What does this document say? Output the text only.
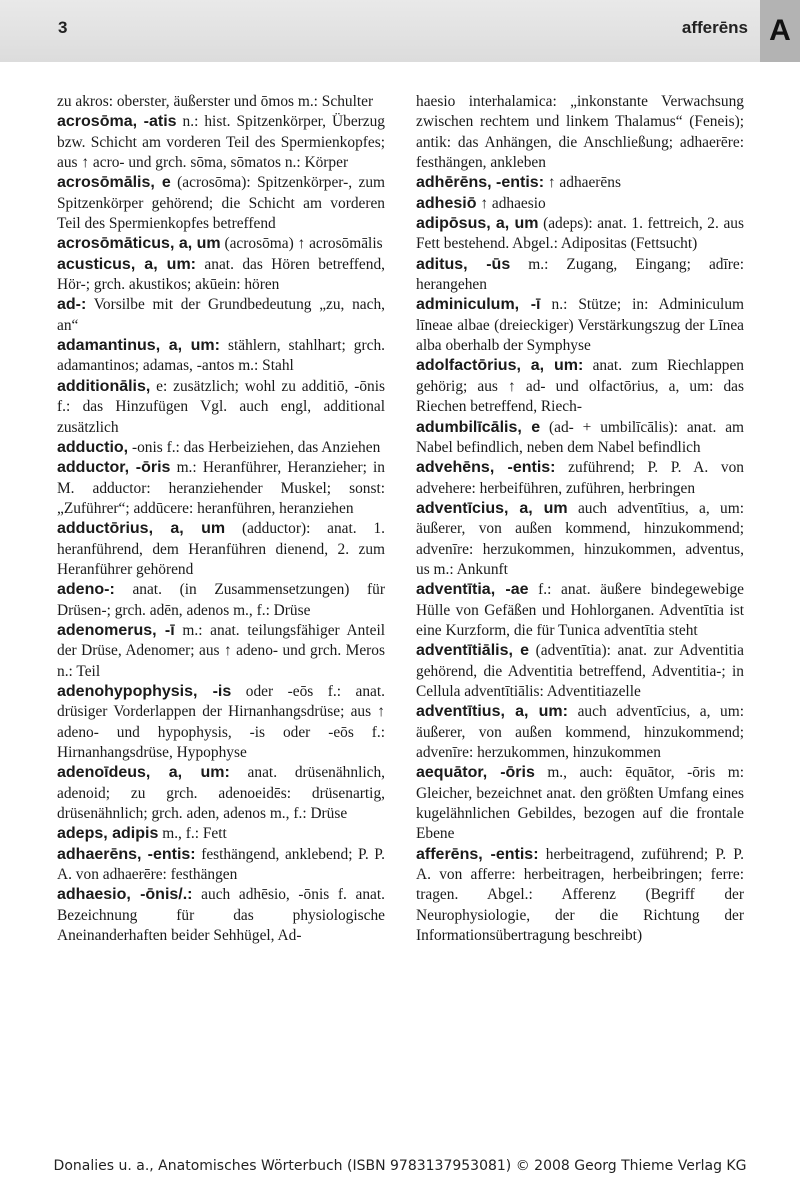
3	afferēns A

zu akros: oberster, äußerster und ōmos m.: Schulter

acrosōma, -atis n.: hist. Spitzenkörper, Überzug bzw. Schicht am vorderen Teil des Spermienkopfes; aus ↑ acro- und grch. sōma, sōmatos n.: Körper

acrosōmālis, e (acrosōma): Spitzenkörper-, zum Spitzenkörper gehörend; die Schicht am vorderen Teil des Spermienkopfes betreffend

acrosōmāticus, a, um (acrosōma) ↑ acrosōmālis

acusticus, a, um: anat. das Hören betreffend, Hör-; grch. akustikos; akūein: hören

ad-: Vorsilbe mit der Grundbedeutung „zu, nach, an“

adamantinus, a, um: stählern, stahlhart; grch. adamantinos; adamas, -antos m.: Stahl

additionālis, e: zusätzlich; wohl zu additiō, -ōnis f.: das Hinzufügen Vgl. auch engl, additional zusätzlich

adductio, -onis f.: das Herbeiziehen, das Anziehen

adductor, -ōris m.: Heranführer, Heranzieher; in M. adductor: heranziehender Muskel; sonst: „Zuführer“; addūcere: heranführen, heranziehen

adductōrius, a, um (adductor): anat. 1. heranführend, dem Heranführen dienend, 2. zum Heranführer gehörend

adeno-: anat. (in Zusammensetzungen) für Drüsen-; grch. adēn, adenos m., f.: Drüse

adenomerus, -ī m.: anat. teilungsfähiger Anteil der Drüse, Adenomer; aus ↑ adeno- und grch. Meros n.: Teil

adenohypophysis, -is oder -eōs f.: anat. drüsiger Vorderlappen der Hirnanhangsdrüse; aus ↑ adeno- und hypophysis, -is oder -eōs f.: Hirnanhangsdrüse, Hypophyse

adenoīdeus, a, um: anat. drüsenähnlich, adenoid; zu grch. adenoeidēs: drüsenartig, drüsenähnlich; grch. aden, adenos m., f.: Drüse

adeps, adipis m., f.: Fett

adhaerēns, -entis: festhängend, anklebend; P. P. A. von adhaerēre: festhängen

adhaesio, -ōnis/.: auch adhēsio, -ōnis f. anat. Bezeichnung für das physiologische Aneinanderhaften beider Sehhügel, Ad-

haesio interhalamica: „inkonstante Verwachsung zwischen rechtem und linkem Thalamus“ (Feneis); antik: das Anhängen, die Anschließung; adhaerēre: festhängen, ankleben

adhērēns, -entis: ↑ adhaerēns

adhesiō ↑ adhaesio

adipōsus, a, um (adeps): anat. 1. fettreich, 2. aus Fett bestehend. Abgel.: Adipositas (Fettsucht)

aditus, -ūs m.: Zugang, Eingang; adīre: herangehen

adminiculum, -ī n.: Stütze; in: Adminiculum līneae albae (dreieckiger) Verstärkungszug der Līnea alba oberhalb der Symphyse

adolfactōrius, a, um: anat. zum Riechlappen gehörig; aus ↑ ad- und olfactōrius, a, um: das Riechen betreffend, Riech-

adumbilīcālis, e (ad- + umbilīcālis): anat. am Nabel befindlich, neben dem Nabel befindlich

advehēns, -entis: zuführend; P. P. A. von advehere: herbeiführen, zuführen, herbringen

adventīcius, a, um auch adventītius, a, um: äußerer, von außen kommend, hinzukommend; advenīre: herzukommen, hinzukommen, adventus, us m.: Ankunft

adventītia, -ae f.: anat. äußere bindegewebige Hülle von Gefäßen und Hohlorganen. Adventītia ist eine Kurzform, die für Tunica adventītia steht

adventītiālis, e (adventītia): anat. zur Adventitia gehörend, die Adventitia betreffend, Adventitia-; in Cellula adventītiālis: Adventitiazelle

adventītius, a, um: auch adventīcius, a, um: äußerer, von außen kommend, hinzukommend; advenīre: herzukommen, hinzukommen

aequātor, -ōris m., auch: ēquātor, -ōris m: Gleicher, bezeichnet anat. den größten Umfang eines kugelähnlichen Gebildes, bezogen auf die frontale Ebene

afferēns, -entis: herbeitragend, zuführend; P. P. A. von afferre: herbeitragen, herbeibringen; ferre: tragen. Abgel.: Afferenz (Begriff der Neurophysiologie, der die Richtung der Informationsübertragung beschreibt)

Donalies u. a., Anatomisches Wörterbuch (ISBN 9783137953081) © 2008 Georg Thieme Verlag KG
